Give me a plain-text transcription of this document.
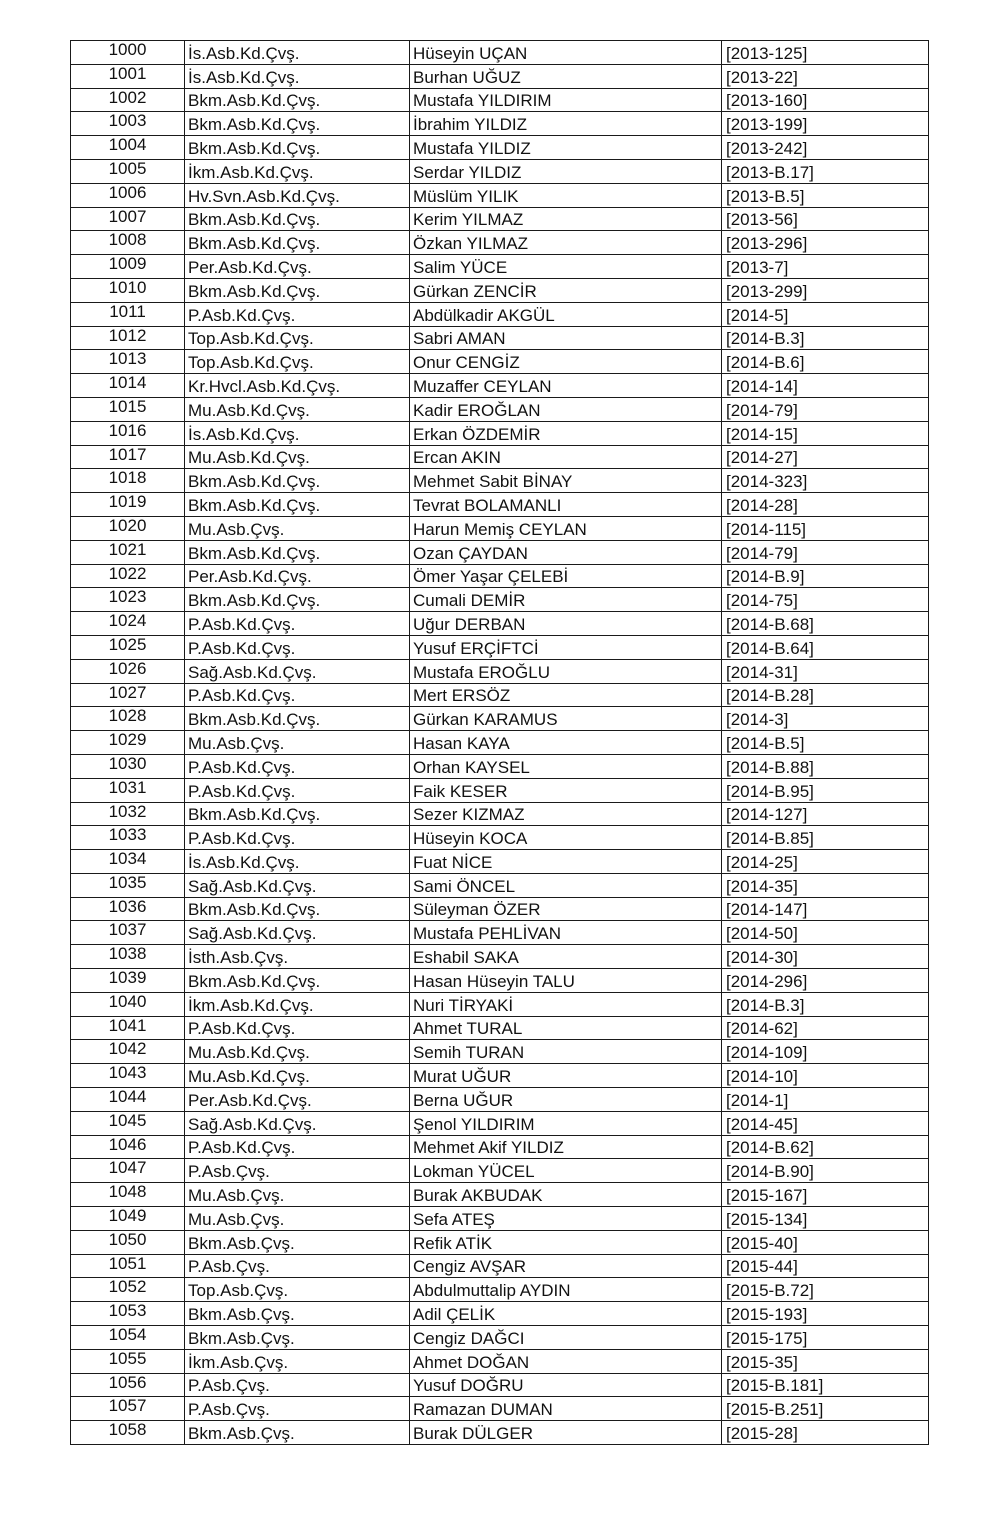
1000	İs.Asb.Kd.Çvş.	Hüseyin UÇAN	[2013-125]
1001	İs.Asb.Kd.Çvş.	Burhan UĞUZ	[2013-22]
1002	Bkm.Asb.Kd.Çvş.	Mustafa YILDIRIM	[2013-160]
1003	Bkm.Asb.Kd.Çvş.	İbrahim YILDIZ	[2013-199]
1004	Bkm.Asb.Kd.Çvş.	Mustafa YILDIZ	[2013-242]
1005	İkm.Asb.Kd.Çvş.	Serdar YILDIZ	[2013-B.17]
1006	Hv.Svn.Asb.Kd.Çvş.	Müslüm YILIK	[2013-B.5]
1007	Bkm.Asb.Kd.Çvş.	Kerim YILMAZ	[2013-56]
1008	Bkm.Asb.Kd.Çvş.	Özkan YILMAZ	[2013-296]
1009	Per.Asb.Kd.Çvş.	Salim YÜCE	[2013-7]
1010	Bkm.Asb.Kd.Çvş.	Gürkan ZENCİR	[2013-299]
1011	P.Asb.Kd.Çvş.	Abdülkadir AKGÜL	[2014-5]
1012	Top.Asb.Kd.Çvş.	Sabri AMAN	[2014-B.3]
1013	Top.Asb.Kd.Çvş.	Onur CENGİZ	[2014-B.6]
1014	Kr.Hvcl.Asb.Kd.Çvş.	Muzaffer CEYLAN	[2014-14]
1015	Mu.Asb.Kd.Çvş.	Kadir EROĞLAN	[2014-79]
1016	İs.Asb.Kd.Çvş.	Erkan ÖZDEMİR	[2014-15]
1017	Mu.Asb.Kd.Çvş.	Ercan AKIN	[2014-27]
1018	Bkm.Asb.Kd.Çvş.	Mehmet Sabit BİNAY	[2014-323]
1019	Bkm.Asb.Kd.Çvş.	Tevrat BOLAMANLI	[2014-28]
1020	Mu.Asb.Çvş.	Harun Memiş CEYLAN	[2014-115]
1021	Bkm.Asb.Kd.Çvş.	Ozan ÇAYDAN	[2014-79]
1022	Per.Asb.Kd.Çvş.	Ömer Yaşar ÇELEBİ	[2014-B.9]
1023	Bkm.Asb.Kd.Çvş.	Cumali DEMİR	[2014-75]
1024	P.Asb.Kd.Çvş.	Uğur DERBAN	[2014-B.68]
1025	P.Asb.Kd.Çvş.	Yusuf ERÇİFTCİ	[2014-B.64]
1026	Sağ.Asb.Kd.Çvş.	Mustafa EROĞLU	[2014-31]
1027	P.Asb.Kd.Çvş.	Mert ERSÖZ	[2014-B.28]
1028	Bkm.Asb.Kd.Çvş.	Gürkan KARAMUS	[2014-3]
1029	Mu.Asb.Çvş.	Hasan KAYA	[2014-B.5]
1030	P.Asb.Kd.Çvş.	Orhan KAYSEL	[2014-B.88]
1031	P.Asb.Kd.Çvş.	Faik KESER	[2014-B.95]
1032	Bkm.Asb.Kd.Çvş.	Sezer KIZMAZ	[2014-127]
1033	P.Asb.Kd.Çvş.	Hüseyin KOCA	[2014-B.85]
1034	İs.Asb.Kd.Çvş.	Fuat NİCE	[2014-25]
1035	Sağ.Asb.Kd.Çvş.	Sami ÖNCEL	[2014-35]
1036	Bkm.Asb.Kd.Çvş.	Süleyman ÖZER	[2014-147]
1037	Sağ.Asb.Kd.Çvş.	Mustafa PEHLİVAN	[2014-50]
1038	İsth.Asb.Çvş.	Eshabil SAKA	[2014-30]
1039	Bkm.Asb.Kd.Çvş.	Hasan Hüseyin TALU	[2014-296]
1040	İkm.Asb.Kd.Çvş.	Nuri TİRYAKİ	[2014-B.3]
1041	P.Asb.Kd.Çvş.	Ahmet TURAL	[2014-62]
1042	Mu.Asb.Kd.Çvş.	Semih TURAN	[2014-109]
1043	Mu.Asb.Kd.Çvş.	Murat UĞUR	[2014-10]
1044	Per.Asb.Kd.Çvş.	Berna UĞUR	[2014-1]
1045	Sağ.Asb.Kd.Çvş.	Şenol YILDIRIM	[2014-45]
1046	P.Asb.Kd.Çvş.	Mehmet Akif YILDIZ	[2014-B.62]
1047	P.Asb.Çvş.	Lokman YÜCEL	[2014-B.90]
1048	Mu.Asb.Çvş.	Burak AKBUDAK	[2015-167]
1049	Mu.Asb.Çvş.	Sefa ATEŞ	[2015-134]
1050	Bkm.Asb.Çvş.	Refik ATİK	[2015-40]
1051	P.Asb.Çvş.	Cengiz AVŞAR	[2015-44]
1052	Top.Asb.Çvş.	Abdulmuttalip AYDIN	[2015-B.72]
1053	Bkm.Asb.Çvş.	Adil ÇELİK	[2015-193]
1054	Bkm.Asb.Çvş.	Cengiz DAĞCI	[2015-175]
1055	İkm.Asb.Çvş.	Ahmet DOĞAN	[2015-35]
1056	P.Asb.Çvş.	Yusuf DOĞRU	[2015-B.181]
1057	P.Asb.Çvş.	Ramazan DUMAN	[2015-B.251]
1058	Bkm.Asb.Çvş.	Burak DÜLGER	[2015-28]
